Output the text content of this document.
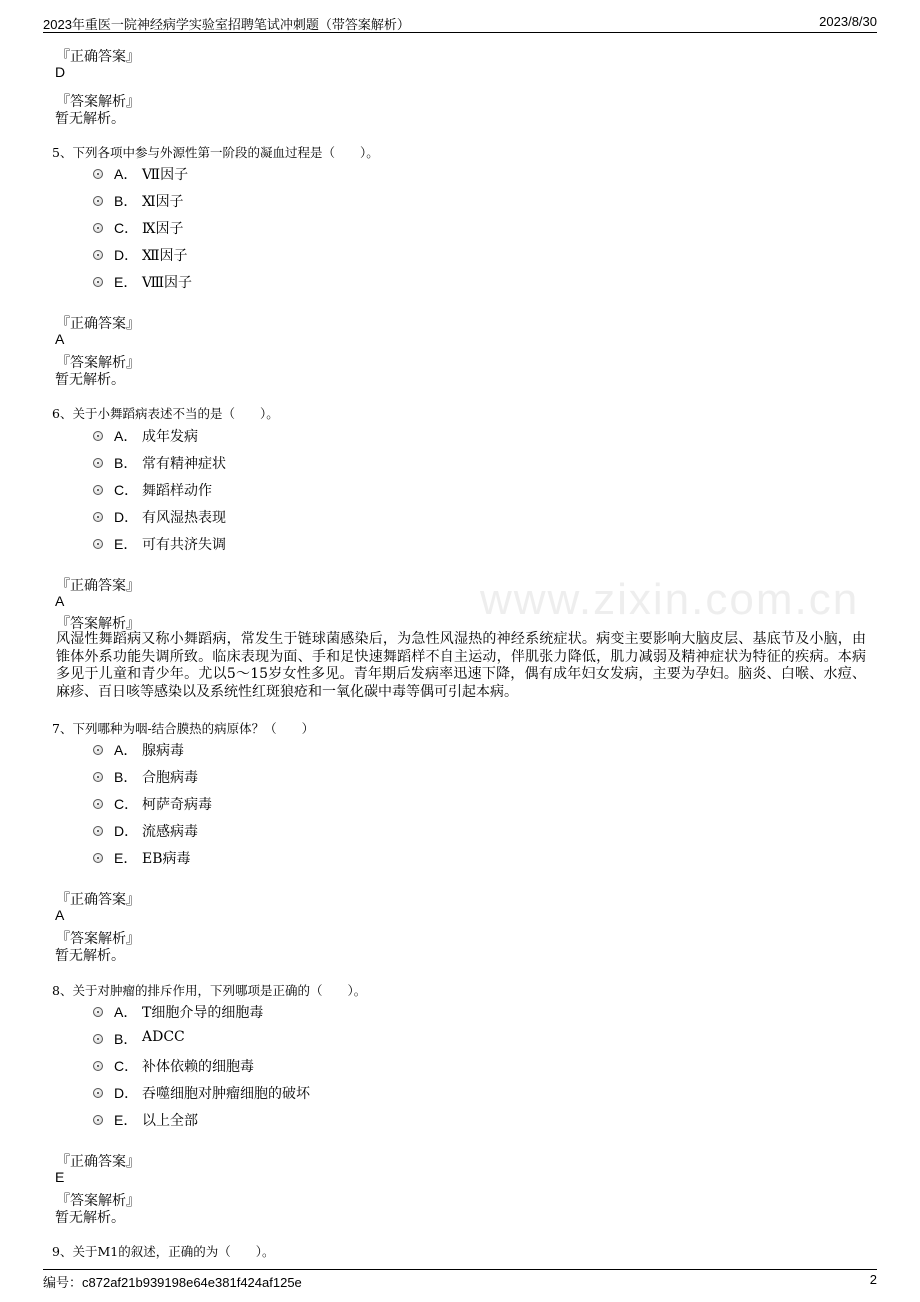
2023年重医一院神经病学实验室招聘笔试冲刺题（带答案解析）	2023/8/30
www.zixin.com.cn
『正确答案』
D
『答案解析』
暂无解析。
5、下列各项中参与外源性第一阶段的凝血过程是（　　）。
A． Ⅶ因子
B． Ⅺ因子
C． Ⅸ因子
D． Ⅻ因子
E． Ⅷ因子
『正确答案』
A
『答案解析』
暂无解析。
6、关于小舞蹈病表述不当的是（　　）。
A． 成年发病
B． 常有精神症状
C． 舞蹈样动作
D． 有风湿热表现
E． 可有共济失调
『正确答案』
A
『答案解析』
风湿性舞蹈病又称小舞蹈病，常发生于链球菌感染后，为急性风湿热的神经系统症状。病变主要影响大脑皮层、基底节及小脑，由锥体外系功能失调所致。临床表现为面、手和足快速舞蹈样不自主运动，伴肌张力降低，肌力减弱及精神症状为特征的疾病。本病多见于儿童和青少年。尤以5～15岁女性多见。青年期后发病率迅速下降，偶有成年妇女发病，主要为孕妇。脑炎、白喉、水痘、麻疹、百日咳等感染以及系统性红斑狼疮和一氧化碳中毒等偶可引起本病。
7、下列哪种为咽-结合膜热的病原体？（　　）
A． 腺病毒
B． 合胞病毒
C． 柯萨奇病毒
D． 流感病毒
E． EB病毒
『正确答案』
A
『答案解析』
暂无解析。
8、关于对肿瘤的排斥作用，下列哪项是正确的（　　）。
A． T细胞介导的细胞毒
B． ADCC
C． 补体依赖的细胞毒
D． 吞噬细胞对肿瘤细胞的破坏
E． 以上全部
『正确答案』
E
『答案解析』
暂无解析。
9、关于M1的叙述，正确的为（　　）。
编号：c872af21b939198e64e381f424af125e	2
